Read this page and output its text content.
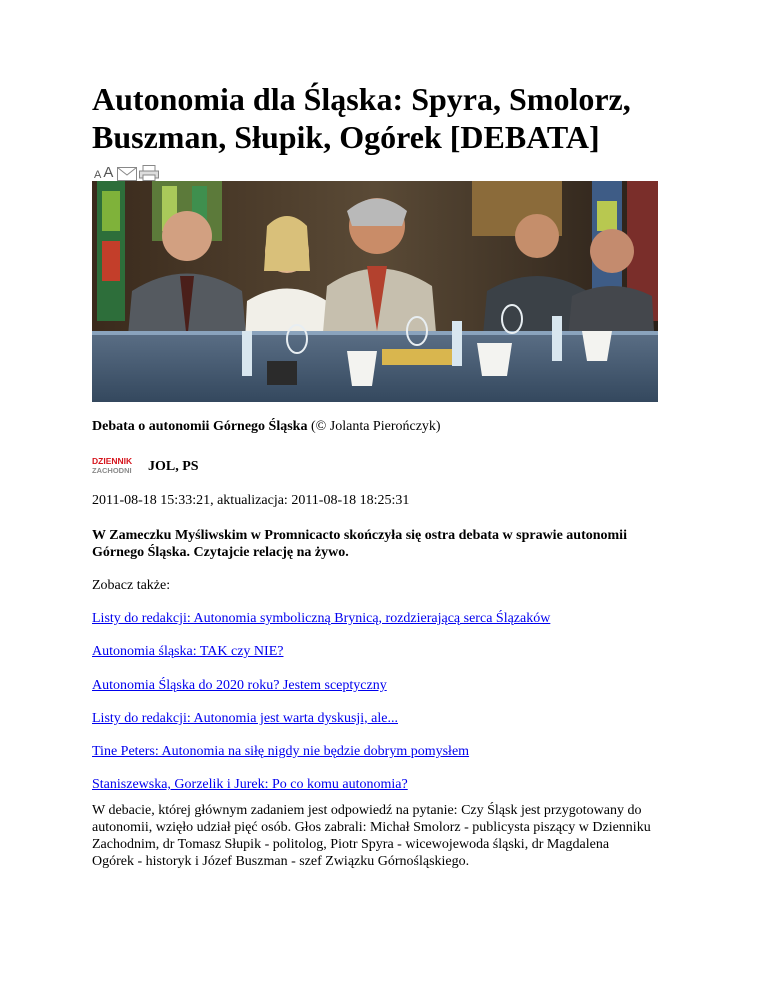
Autonomia dla Śląska: Spyra, Smolorz, Buszman, Słupik, Ogórek [DEBATA]
A A
Debata o autonomii Górnego Śląska (© Jolanta Pierończyk)
DZIENNIK
ZACHODNI JOL, PS
2011-08-18 15:33:21, aktualizacja: 2011-08-18 18:25:31
W Zameczku Myśliwskim w Promnicacto skończyła się ostra debata w sprawie autonomii Górnego Śląska. Czytajcie relację na żywo.
Zobacz także:
Listy do redakcji: Autonomia symboliczną Brynicą, rozdzierającą serca Ślązaków
Autonomia śląska: TAK czy NIE?
Autonomia Śląska do 2020 roku? Jestem sceptyczny
Listy do redakcji: Autonomia jest warta dyskusji, ale...
Tine Peters: Autonomia na siłę nigdy nie będzie dobrym pomysłem
Staniszewska, Gorzelik i Jurek: Po co komu autonomia?
W debacie, której głównym zadaniem jest odpowiedź na pytanie: Czy Śląsk jest przygotowany do autonomii, wzięło udział pięć osób. Głos zabrali: Michał Smolorz - publicysta piszący w Dzienniku Zachodnim, dr Tomasz Słupik - politolog, Piotr Spyra - wicewojewoda śląski, dr Magdalena Ogórek - historyk i Józef Buszman - szef Związku Górnośląskiego.
